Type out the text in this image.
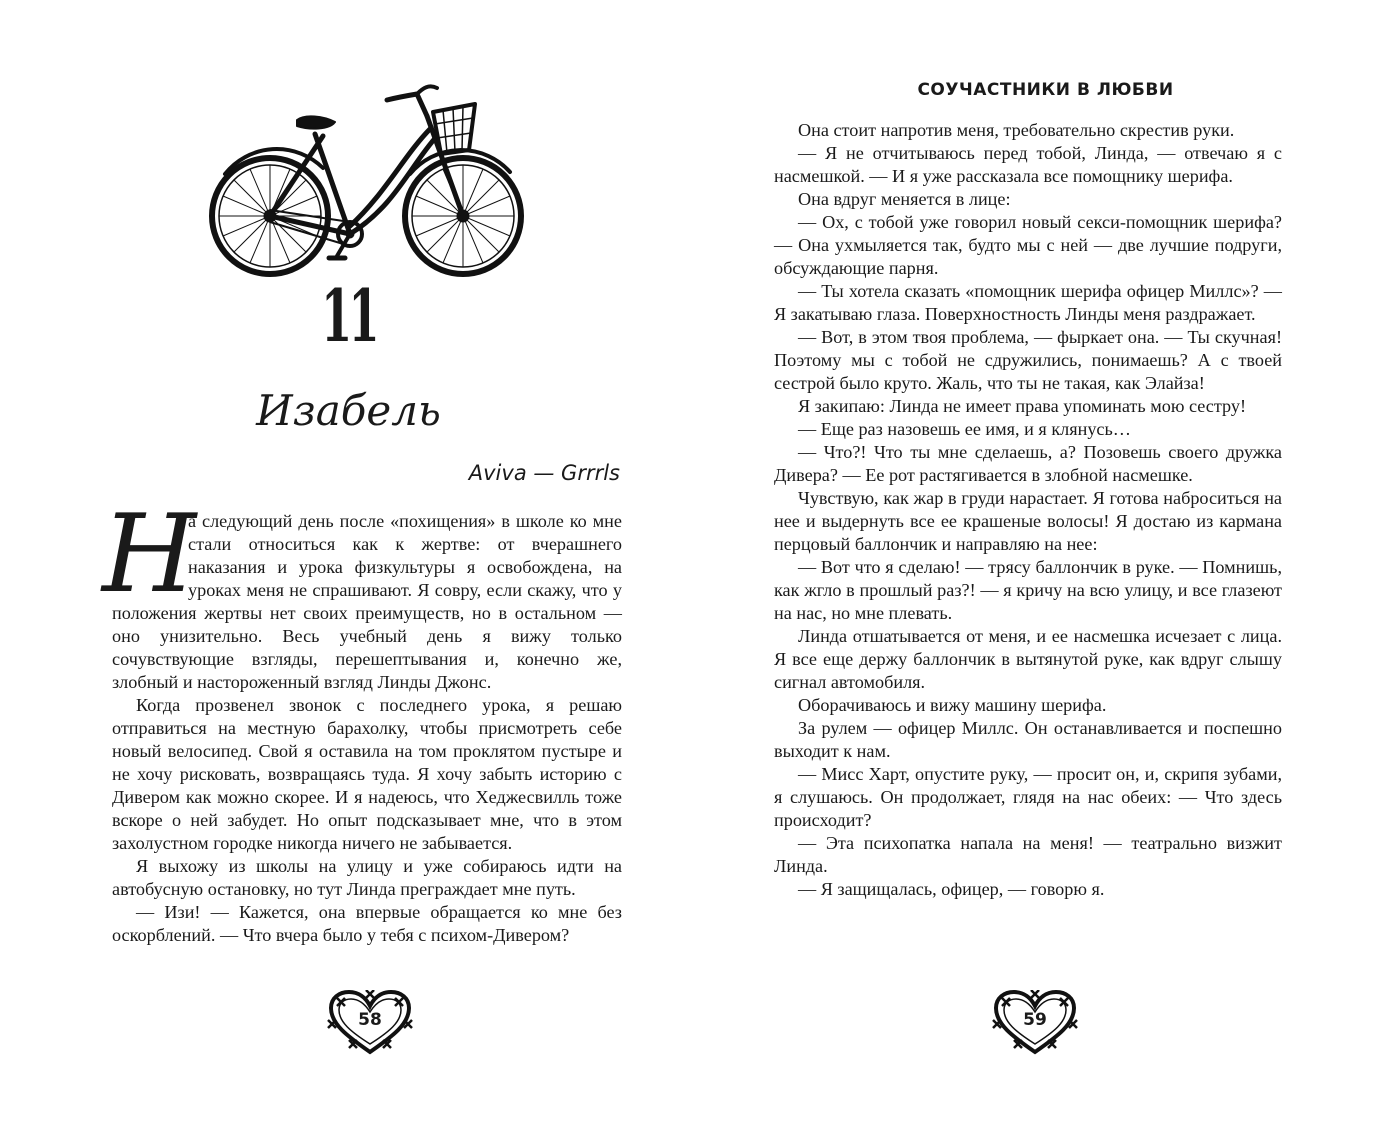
11
Изабель
Aviva — Grrrls

Н
а следующий день после «похищения» в школе ко мне стали относиться как к жертве: от вчерашнего наказания и урока физкультуры я освобождена, на уроках меня не спрашивают. Я совру, если скажу, что у положения жертвы нет своих преимуществ, но в остальном — оно унизительно. Весь учебный день я вижу только сочувствующие взгляды, перешептывания и, конечно же, злобный и настороженный взгляд Линды Джонс.

Когда прозвенел звонок с последнего урока, я решаю отправиться на местную барахолку, чтобы присмотреть себе новый велосипед. Свой я оставила на том проклятом пустыре и не хочу рисковать, возвращаясь туда. Я хочу забыть историю с Дивером как можно скорее. И я надеюсь, что Хеджесвилль тоже вскоре о ней забудет. Но опыт подсказывает мне, что в этом захолустном городке никогда ничего не забывается.

Я выхожу из школы на улицу и уже собираюсь идти на автобусную остановку, но тут Линда преграждает мне путь.

— Изи! — Кажется, она впервые обращается ко мне без оскорблений. — Что вчера было у тебя с психом-Дивером?

58
СОУЧАСТНИКИ В ЛЮБВИ

Она стоит напротив меня, требовательно скрестив руки.

— Я не отчитываюсь перед тобой, Линда, — отвечаю я с насмешкой. — И я уже рассказала все помощнику шерифа.

Она вдруг меняется в лице:

— Ох, с тобой уже говорил новый секси-помощник шерифа? — Она ухмыляется так, будто мы с ней — две лучшие подруги, обсуждающие парня.

— Ты хотела сказать «помощник шерифа офицер Миллс»? — Я закатываю глаза. Поверхностность Линды меня раздражает.

— Вот, в этом твоя проблема, — фыркает она. — Ты скучная! Поэтому мы с тобой не сдружились, понимаешь? А с твоей сестрой было круто. Жаль, что ты не такая, как Элайза!

Я закипаю: Линда не имеет права упоминать мою сестру!

— Еще раз назовешь ее имя, и я клянусь…

— Что?! Что ты мне сделаешь, а? Позовешь своего дружка Дивера? — Ее рот растягивается в злобной насмешке.

Чувствую, как жар в груди нарастает. Я готова наброситься на нее и выдернуть все ее крашеные волосы! Я достаю из кармана перцовый баллончик и направляю на нее:

— Вот что я сделаю! — трясу баллончик в руке. — Помнишь, как жгло в прошлый раз?! — я кричу на всю улицу, и все глазеют на нас, но мне плевать.

Линда отшатывается от меня, и ее насмешка исчезает с лица. Я все еще держу баллончик в вытянутой руке, как вдруг слышу сигнал автомобиля.

Оборачиваюсь и вижу машину шерифа.

За рулем — офицер Миллс. Он останавливается и поспешно выходит к нам.

— Мисс Харт, опустите руку, — просит он, и, скрипя зубами, я слушаюсь. Он продолжает, глядя на нас обеих: — Что здесь происходит?

— Эта психопатка напала на меня! — театрально визжит Линда.

— Я защищалась, офицер, — говорю я.

59
